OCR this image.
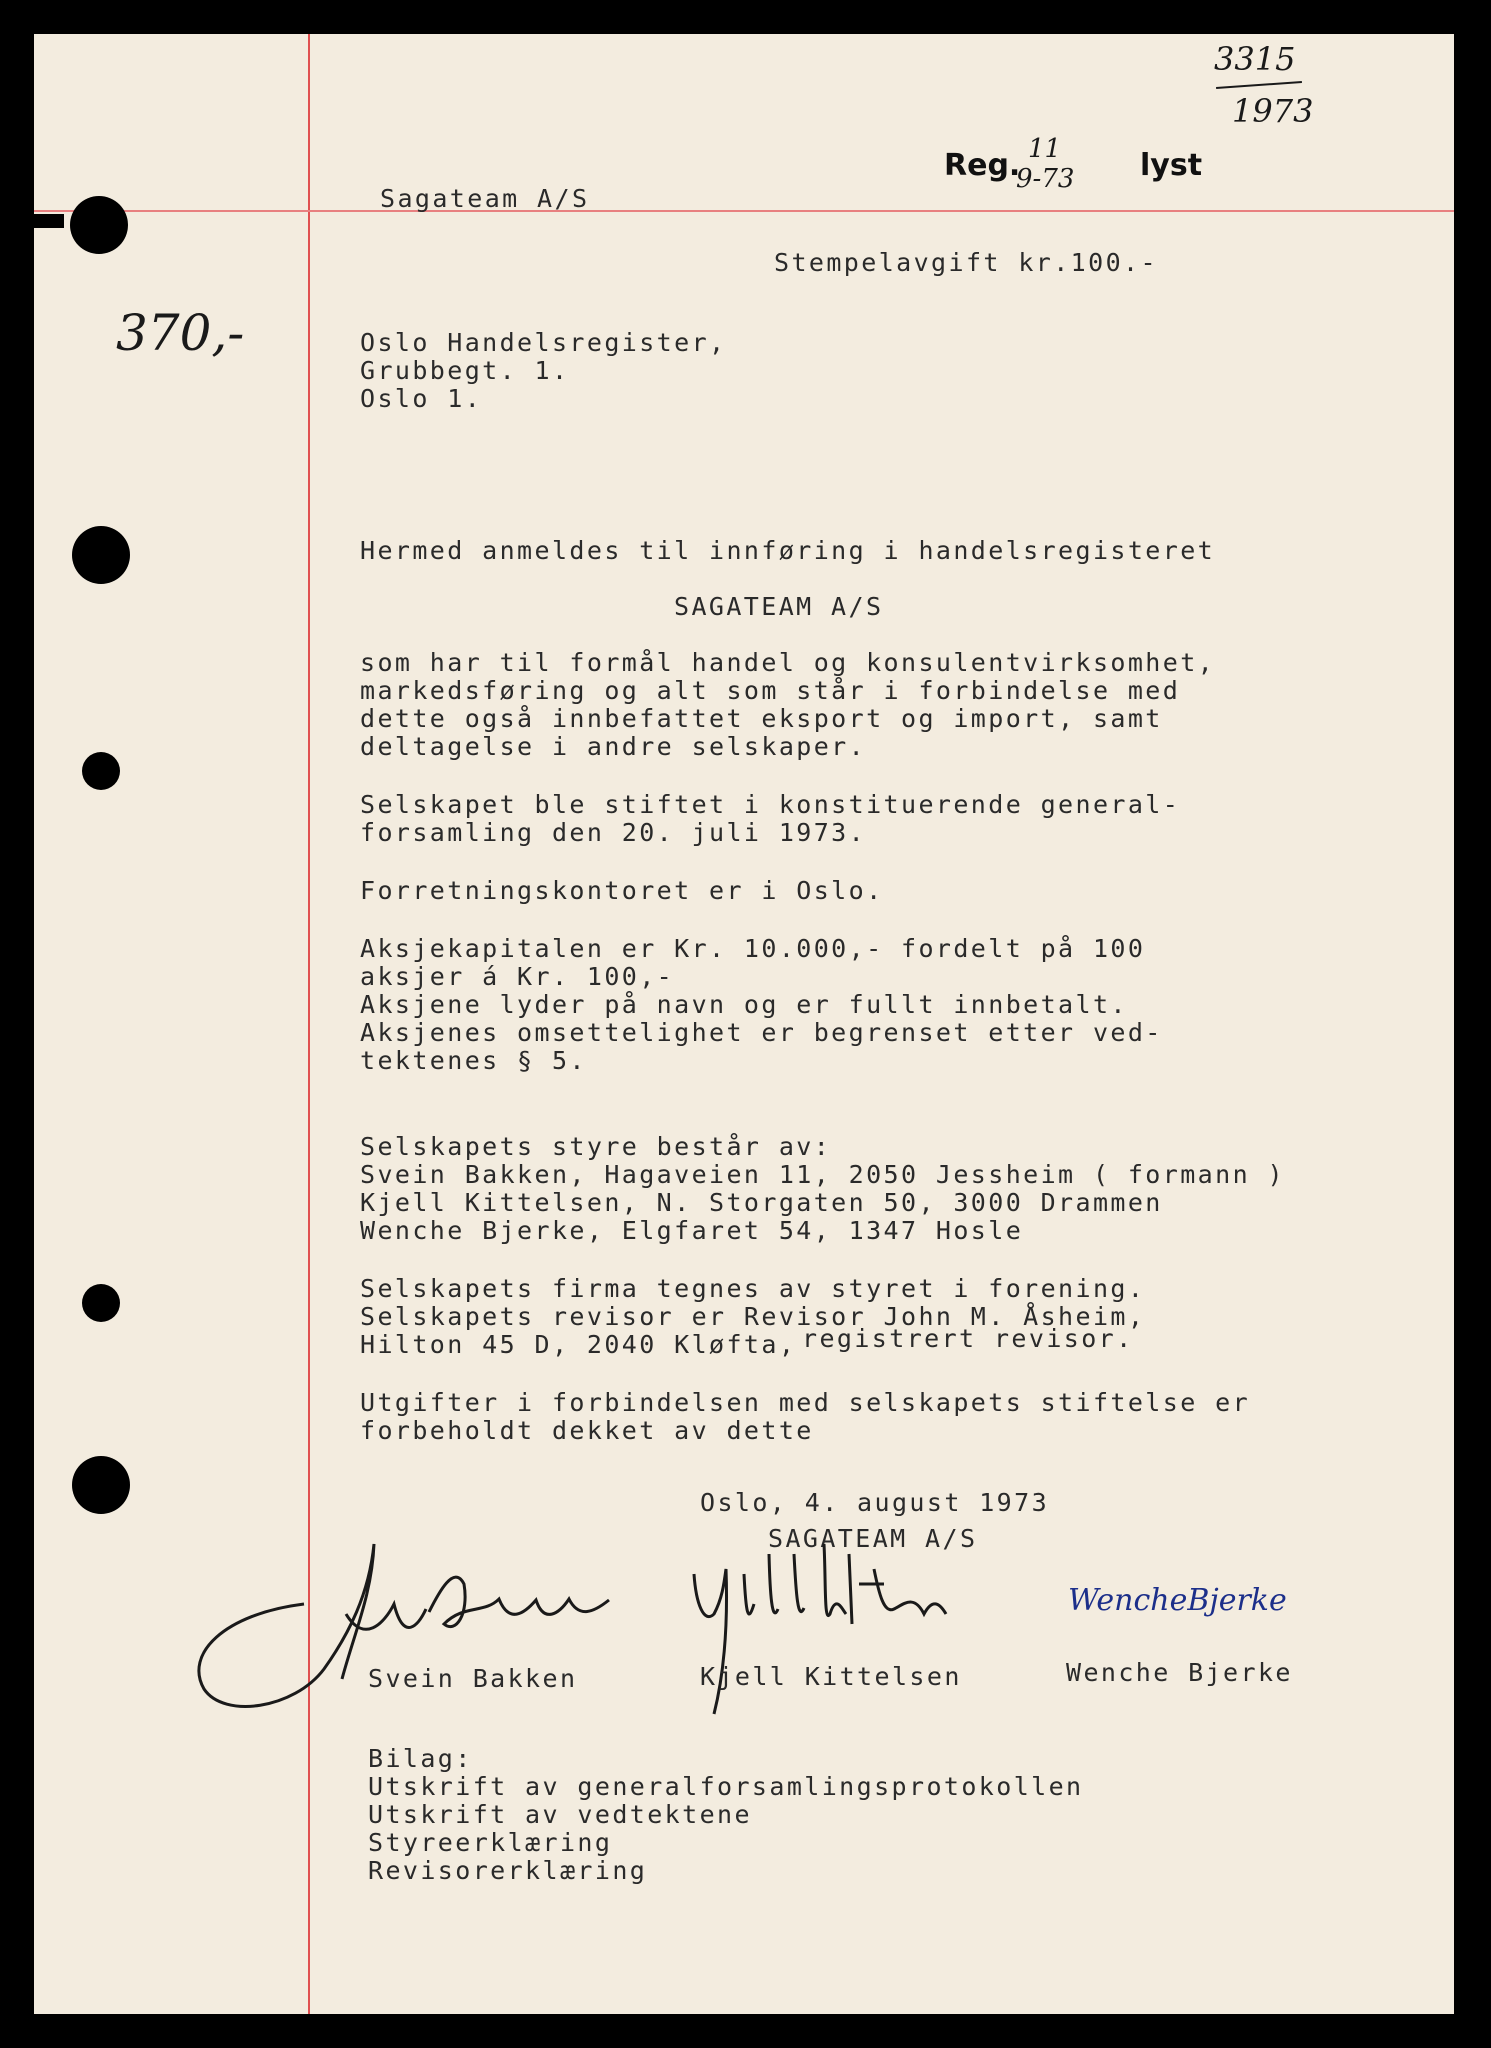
3315
1973
Reg. 11
9-73 lyst
370,-
Sagateam A/S
Stempelavgift kr.100.-
Oslo Handelsregister,
Grubbegt. 1.
Oslo 1.
Hermed anmeldes til innføring i handelsregisteret
SAGATEAM A/S
som har til formål handel og konsulentvirksomhet,
markedsføring og alt som står i forbindelse med
dette også innbefattet eksport og import, samt
deltagelse i andre selskaper.
Selskapet ble stiftet i konstituerende general-
forsamling den 20. juli 1973.
Forretningskontoret er i Oslo.
Aksjekapitalen er Kr. 10.000,- fordelt på 100
aksjer á Kr. 100,-
Aksjene lyder på navn og er fullt innbetalt.
Aksjenes omsettelighet er begrenset etter ved-
tektenes § 5.
Selskapets styre består av:
Svein Bakken, Hagaveien 11, 2050 Jessheim ( formann )
Kjell Kittelsen, N. Storgaten 50, 3000 Drammen
Wenche Bjerke, Elgfaret 54, 1347 Hosle
Selskapets firma tegnes av styret i forening.
Selskapets revisor er Revisor John M. Åsheim,
Hilton 45 D, 2040 Kløfta, registrert revisor.
Utgifter i forbindelsen med selskapets stiftelse er
forbeholdt dekket av dette
Oslo, 4. august 1973
SAGATEAM A/S
WencheBjerke
Svein Bakken	Kjell Kittelsen	Wenche Bjerke
Bilag:
Utskrift av generalforsamlingsprotokollen
Utskrift av vedtektene
Styreerklæring
Revisorerklæring
